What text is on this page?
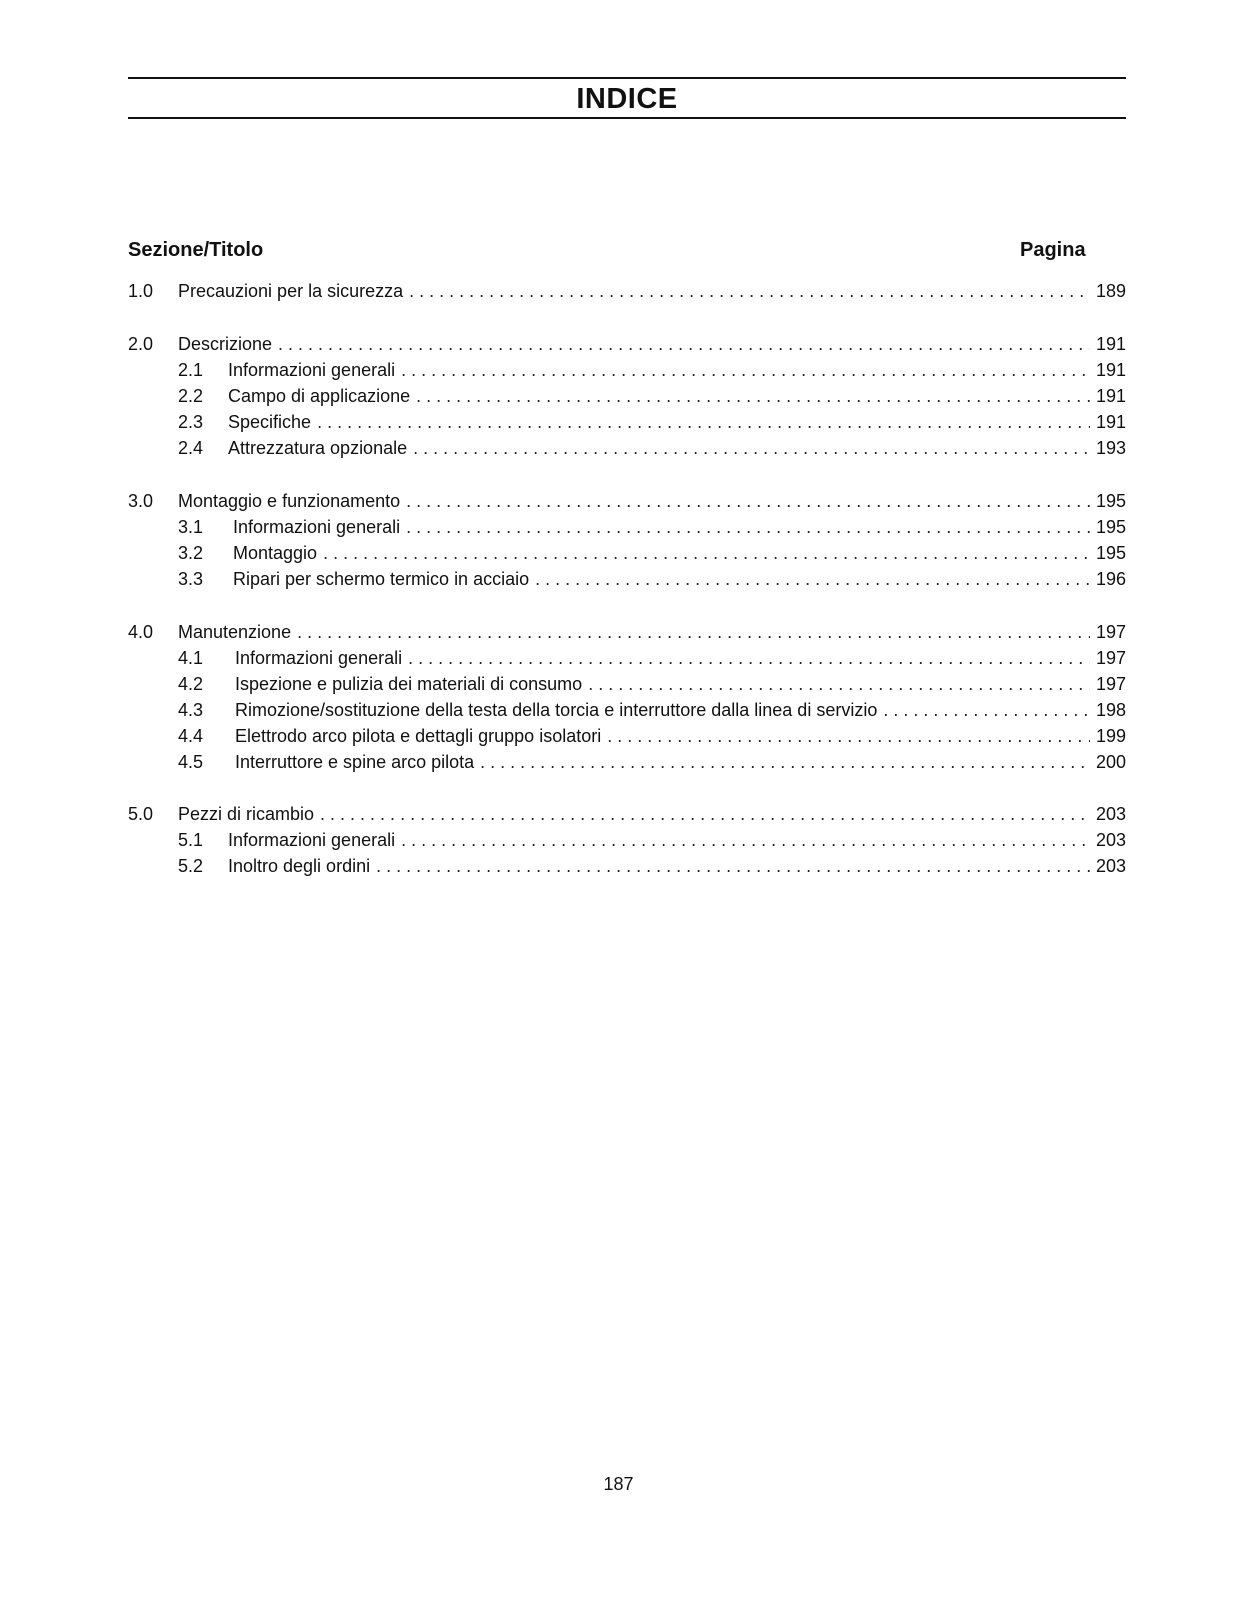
INDICE
Sezione/Titolo	Pagina
1.0 Precauzioni per la sicurezza . . .	189
2.0 Descrizione . . .	191
2.1 Informazioni generali . . .	191
2.2 Campo di applicazione . . .	191
2.3 Specifiche . . .	191
2.4 Attrezzatura opzionale . . .	193
3.0 Montaggio e funzionamento . . .	195
3.1 Informazioni generali . . .	195
3.2 Montaggio . . .	195
3.3 Ripari per schermo termico in acciaio . . .	196
4.0 Manutenzione . . .	197
4.1 Informazioni generali . . .	197
4.2 Ispezione e pulizia dei materiali di consumo . . .	197
4.3 Rimozione/sostituzione della testa della torcia e interruttore dalla linea di servizio . . .	198
4.4 Elettrodo arco pilota e dettagli gruppo isolatori . . .	199
4.5 Interruttore e spine arco pilota . . .	200
5.0 Pezzi di ricambio . . .	203
5.1 Informazioni generali . . .	203
5.2 Inoltro degli ordini . . .	203
187
